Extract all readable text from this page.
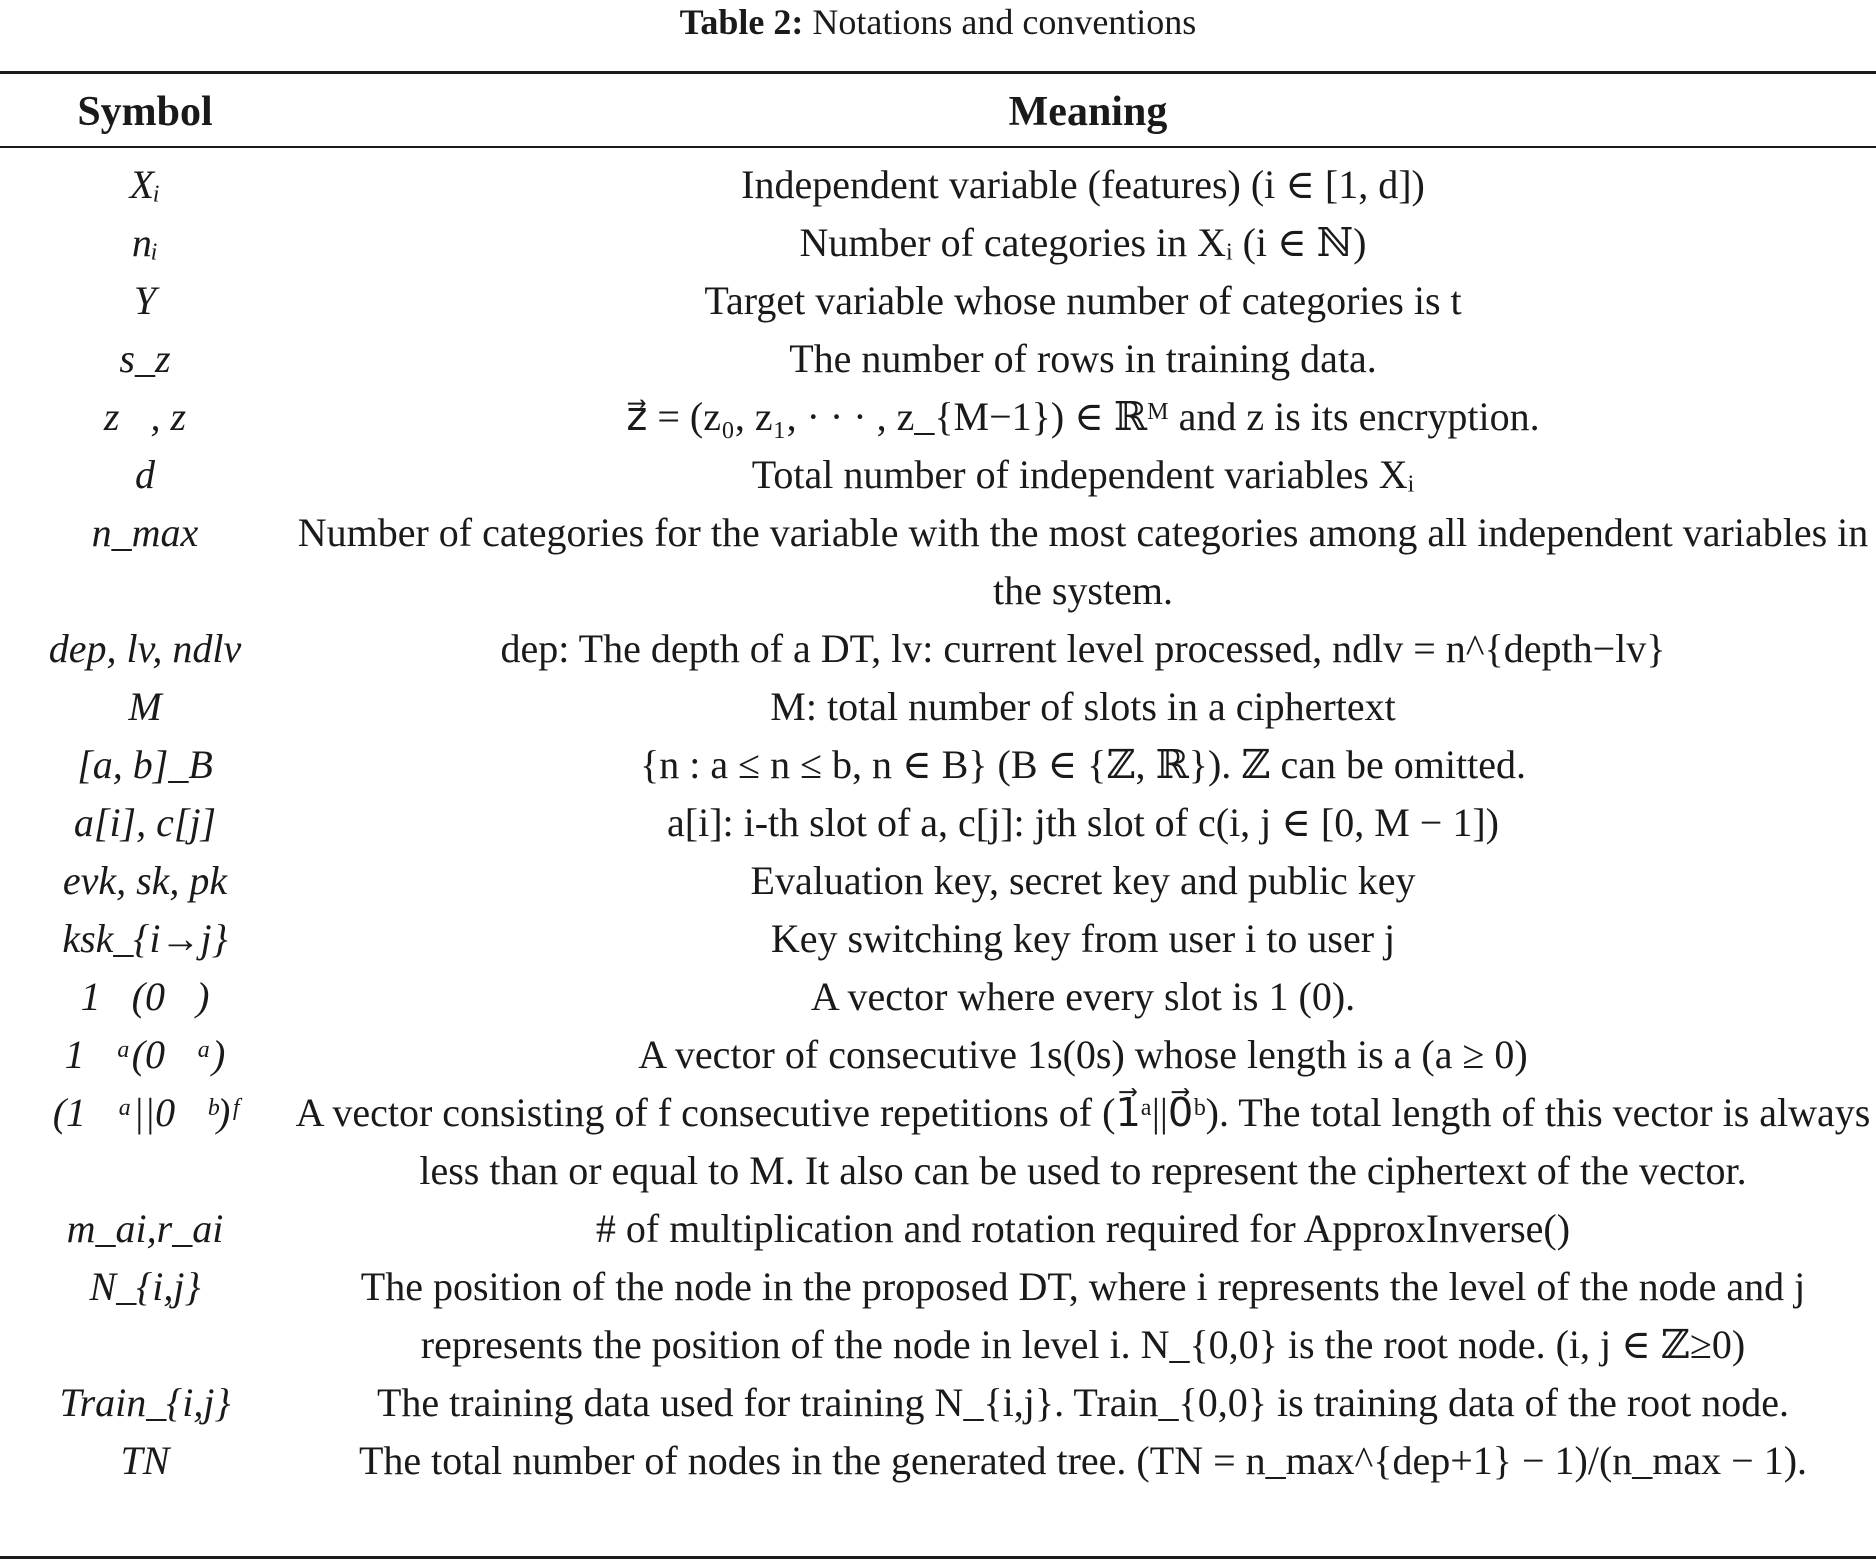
Table 2: Notations and conventions
Symbol	Meaning
Xᵢ	Independent variable (features) (i ∈ [1, d])
nᵢ	Number of categories in Xᵢ (i ∈ ℕ)
Y	Target variable whose number of categories is t
s_z	The number of rows in training data.
z⃗, z	z⃗ = (z₀, z₁, · · · , z_{M−1}) ∈ ℝᴹ and z is its encryption.
d	Total number of independent variables Xᵢ
n_max	Number of categories for the variable with the most categories among all independent variables in the system.
dep, lv, ndlv	dep: The depth of a DT, lv: current level processed, ndlv = n^{depth−lv}
M	M: total number of slots in a ciphertext
[a, b]_B	{n : a ≤ n ≤ b, n ∈ B} (B ∈ {ℤ, ℝ}). ℤ can be omitted.
a[i], c[j]	a[i]: i-th slot of a, c[j]: jth slot of c(i, j ∈ [0, M − 1])
evk, sk, pk	Evaluation key, secret key and public key
ksk_{i→j}	Key switching key from user i to user j
1⃗(0⃗)	A vector where every slot is 1 (0).
1⃗ᵃ(0⃗ᵃ)	A vector of consecutive 1s(0s) whose length is a (a ≥ 0)
(1⃗ᵃ||0⃗ᵇ)ᶠ	A vector consisting of f consecutive repetitions of (1⃗ᵃ||0⃗ᵇ). The total length of this vector is always less than or equal to M. It also can be used to represent the ciphertext of the vector.
m_ai,r_ai	# of multiplication and rotation required for ApproxInverse()
N_{i,j}	The position of the node in the proposed DT, where i represents the level of the node and j represents the position of the node in level i. N_{0,0} is the root node. (i, j ∈ ℤ≥0)
Train_{i,j}	The training data used for training N_{i,j}. Train_{0,0} is training data of the root node.
TN	The total number of nodes in the generated tree. (TN = n_max^{dep+1} − 1)/(n_max − 1).
